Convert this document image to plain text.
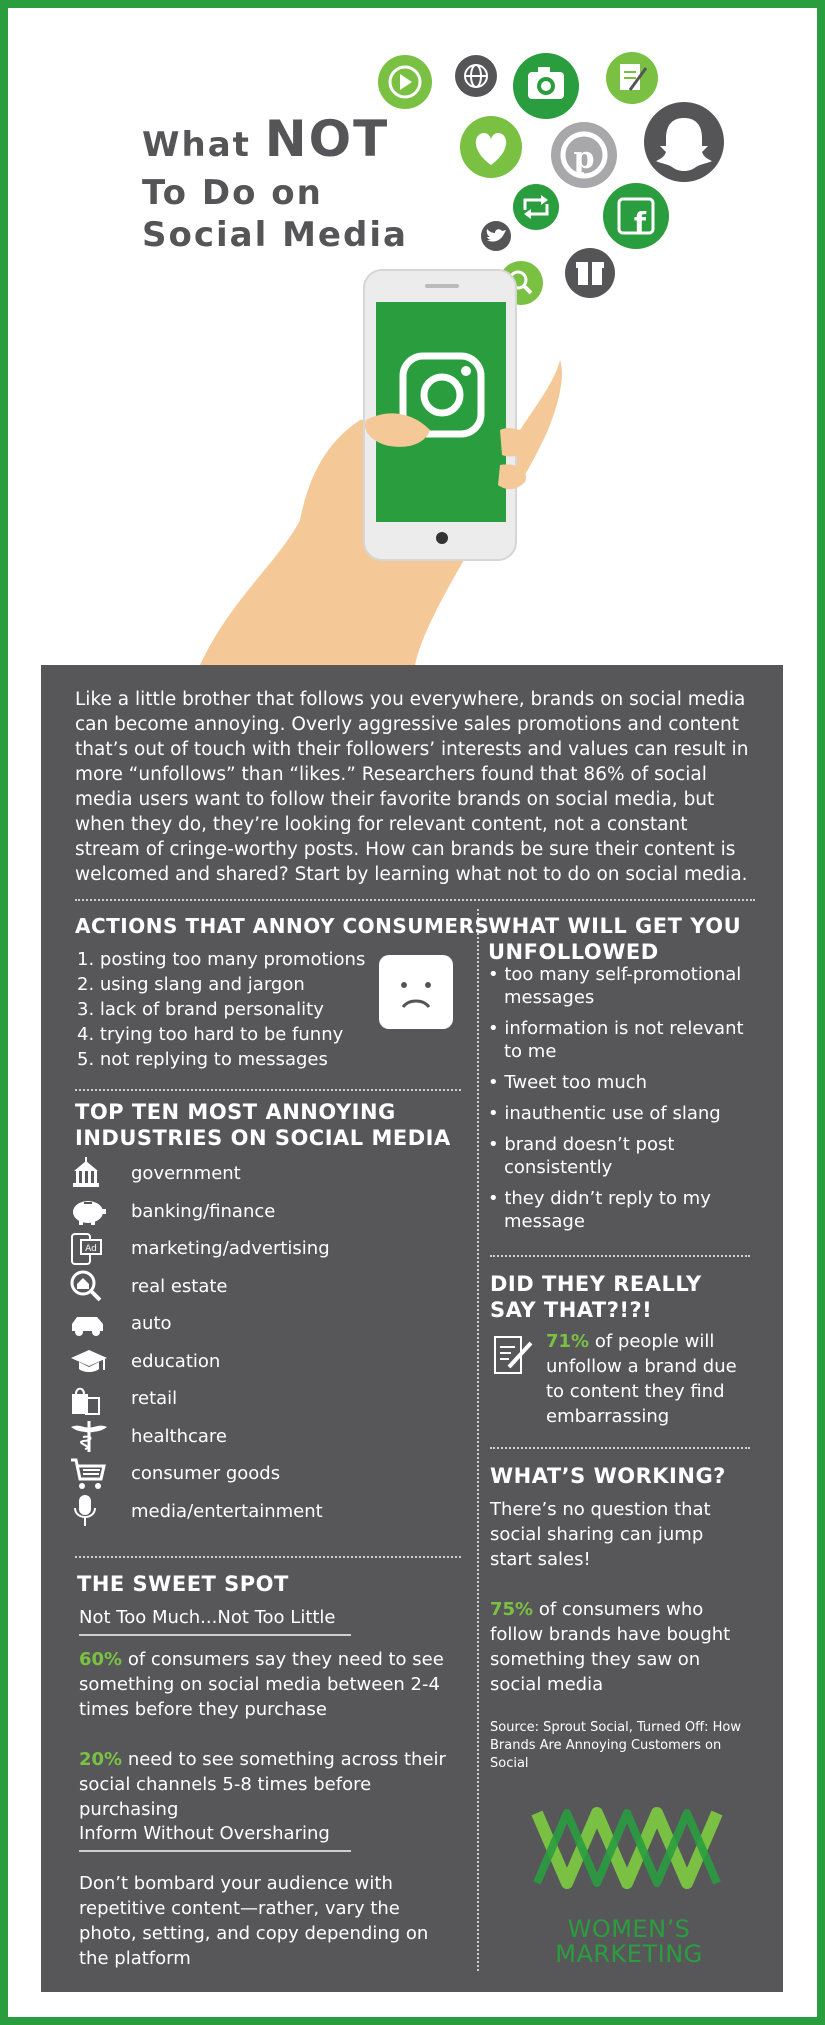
What NOT
To Do on
Social Media
p
f
Like a little brother that follows you everywhere, brands on social media can become annoying. Overly aggressive sales promotions and content that’s out of touch with their followers’ interests and values can result in more “unfollows” than “likes.” Researchers found that 86% of social media users want to follow their favorite brands on social media, but when they do, they’re looking for relevant content, not a constant stream of cringe-worthy posts. How can brands be sure their content is welcomed and shared? Start by learning what not to do on social media.
ACTIONS THAT ANNOY CONSUMERS
1. posting too many promotions
2. using slang and jargon
3. lack of brand personality
4. trying too hard to be funny
5. not replying to messages
TOP TEN MOST ANNOYING
INDUSTRIES ON SOCIAL MEDIA
government
banking/finance
Ad marketing/advertising
real estate
auto
education
retail
healthcare
consumer goods
media/entertainment
THE SWEET SPOT
Not Too Much...Not Too Little
60% of consumers say they need to see something on social media between 2-4 times before they purchase
20% need to see something across their social channels 5-8 times before purchasing
Inform Without Oversharing
Don’t bombard your audience with repetitive content—rather, vary the photo, setting, and copy depending on the platform
WHAT WILL GET YOU
UNFOLLOWED
• too many self-promotional messages
• information is not relevant to me
• Tweet too much
• inauthentic use of slang
• brand doesn’t post consistently
• they didn’t reply to my message
DID THEY REALLY
SAY THAT?!?!
71% of people will unfollow a brand due to content they find embarrassing
WHAT’S WORKING?
There’s no question that social sharing can jump start sales!
75% of consumers who follow brands have bought something they saw on social media
Source: Sprout Social, Turned Off: How Brands Are Annoying Customers on Social
WOMEN’S MARKETING
